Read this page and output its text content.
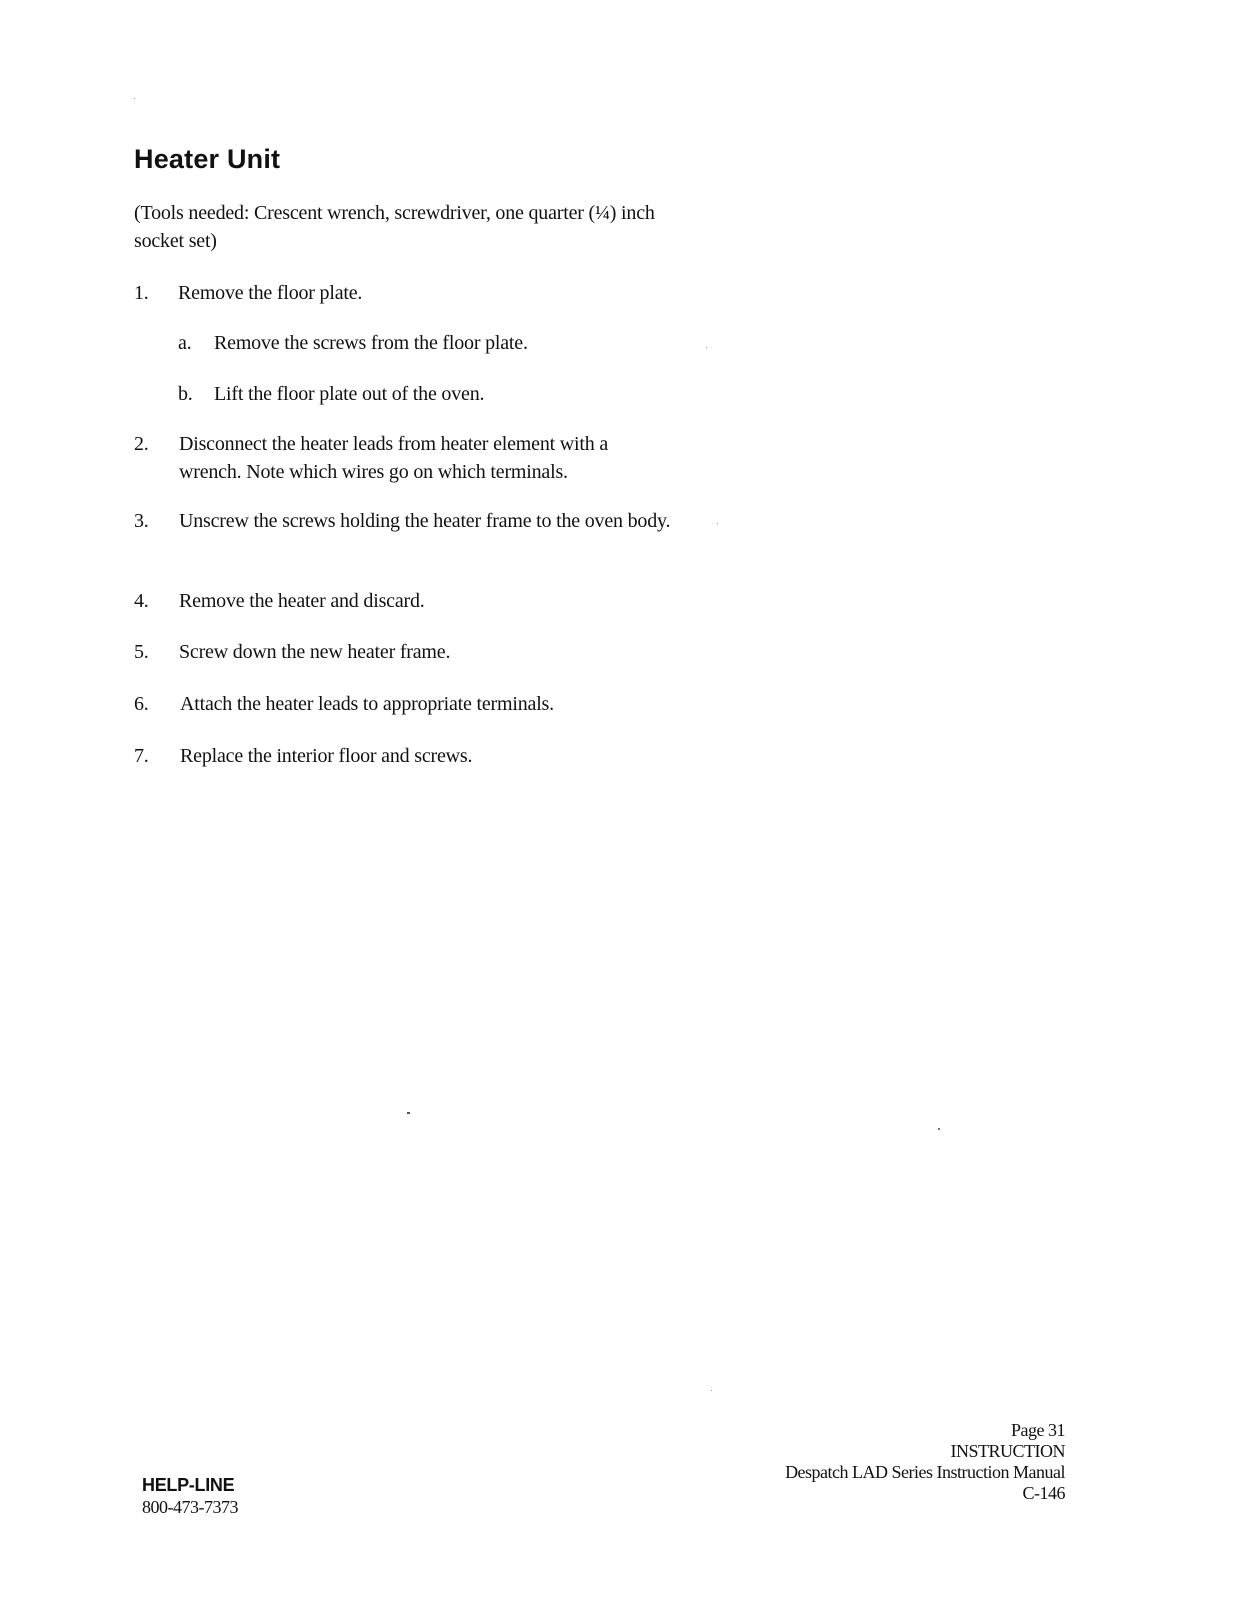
Heater Unit
(Tools needed: Crescent wrench, screwdriver, one quarter (¼) inch socket set)
1. Remove the floor plate.
a. Remove the screws from the floor plate.
b. Lift the floor plate out of the oven.
2. Disconnect the heater leads from heater element with a wrench. Note which wires go on which terminals.
3. Unscrew the screws holding the heater frame to the oven body.
4. Remove the heater and discard.
5. Screw down the new heater frame.
6. Attach the heater leads to appropriate terminals.
7. Replace the interior floor and screws.
HELP-LINE
800-473-7373
Page 31
INSTRUCTION
Despatch LAD Series Instruction Manual
C-146
